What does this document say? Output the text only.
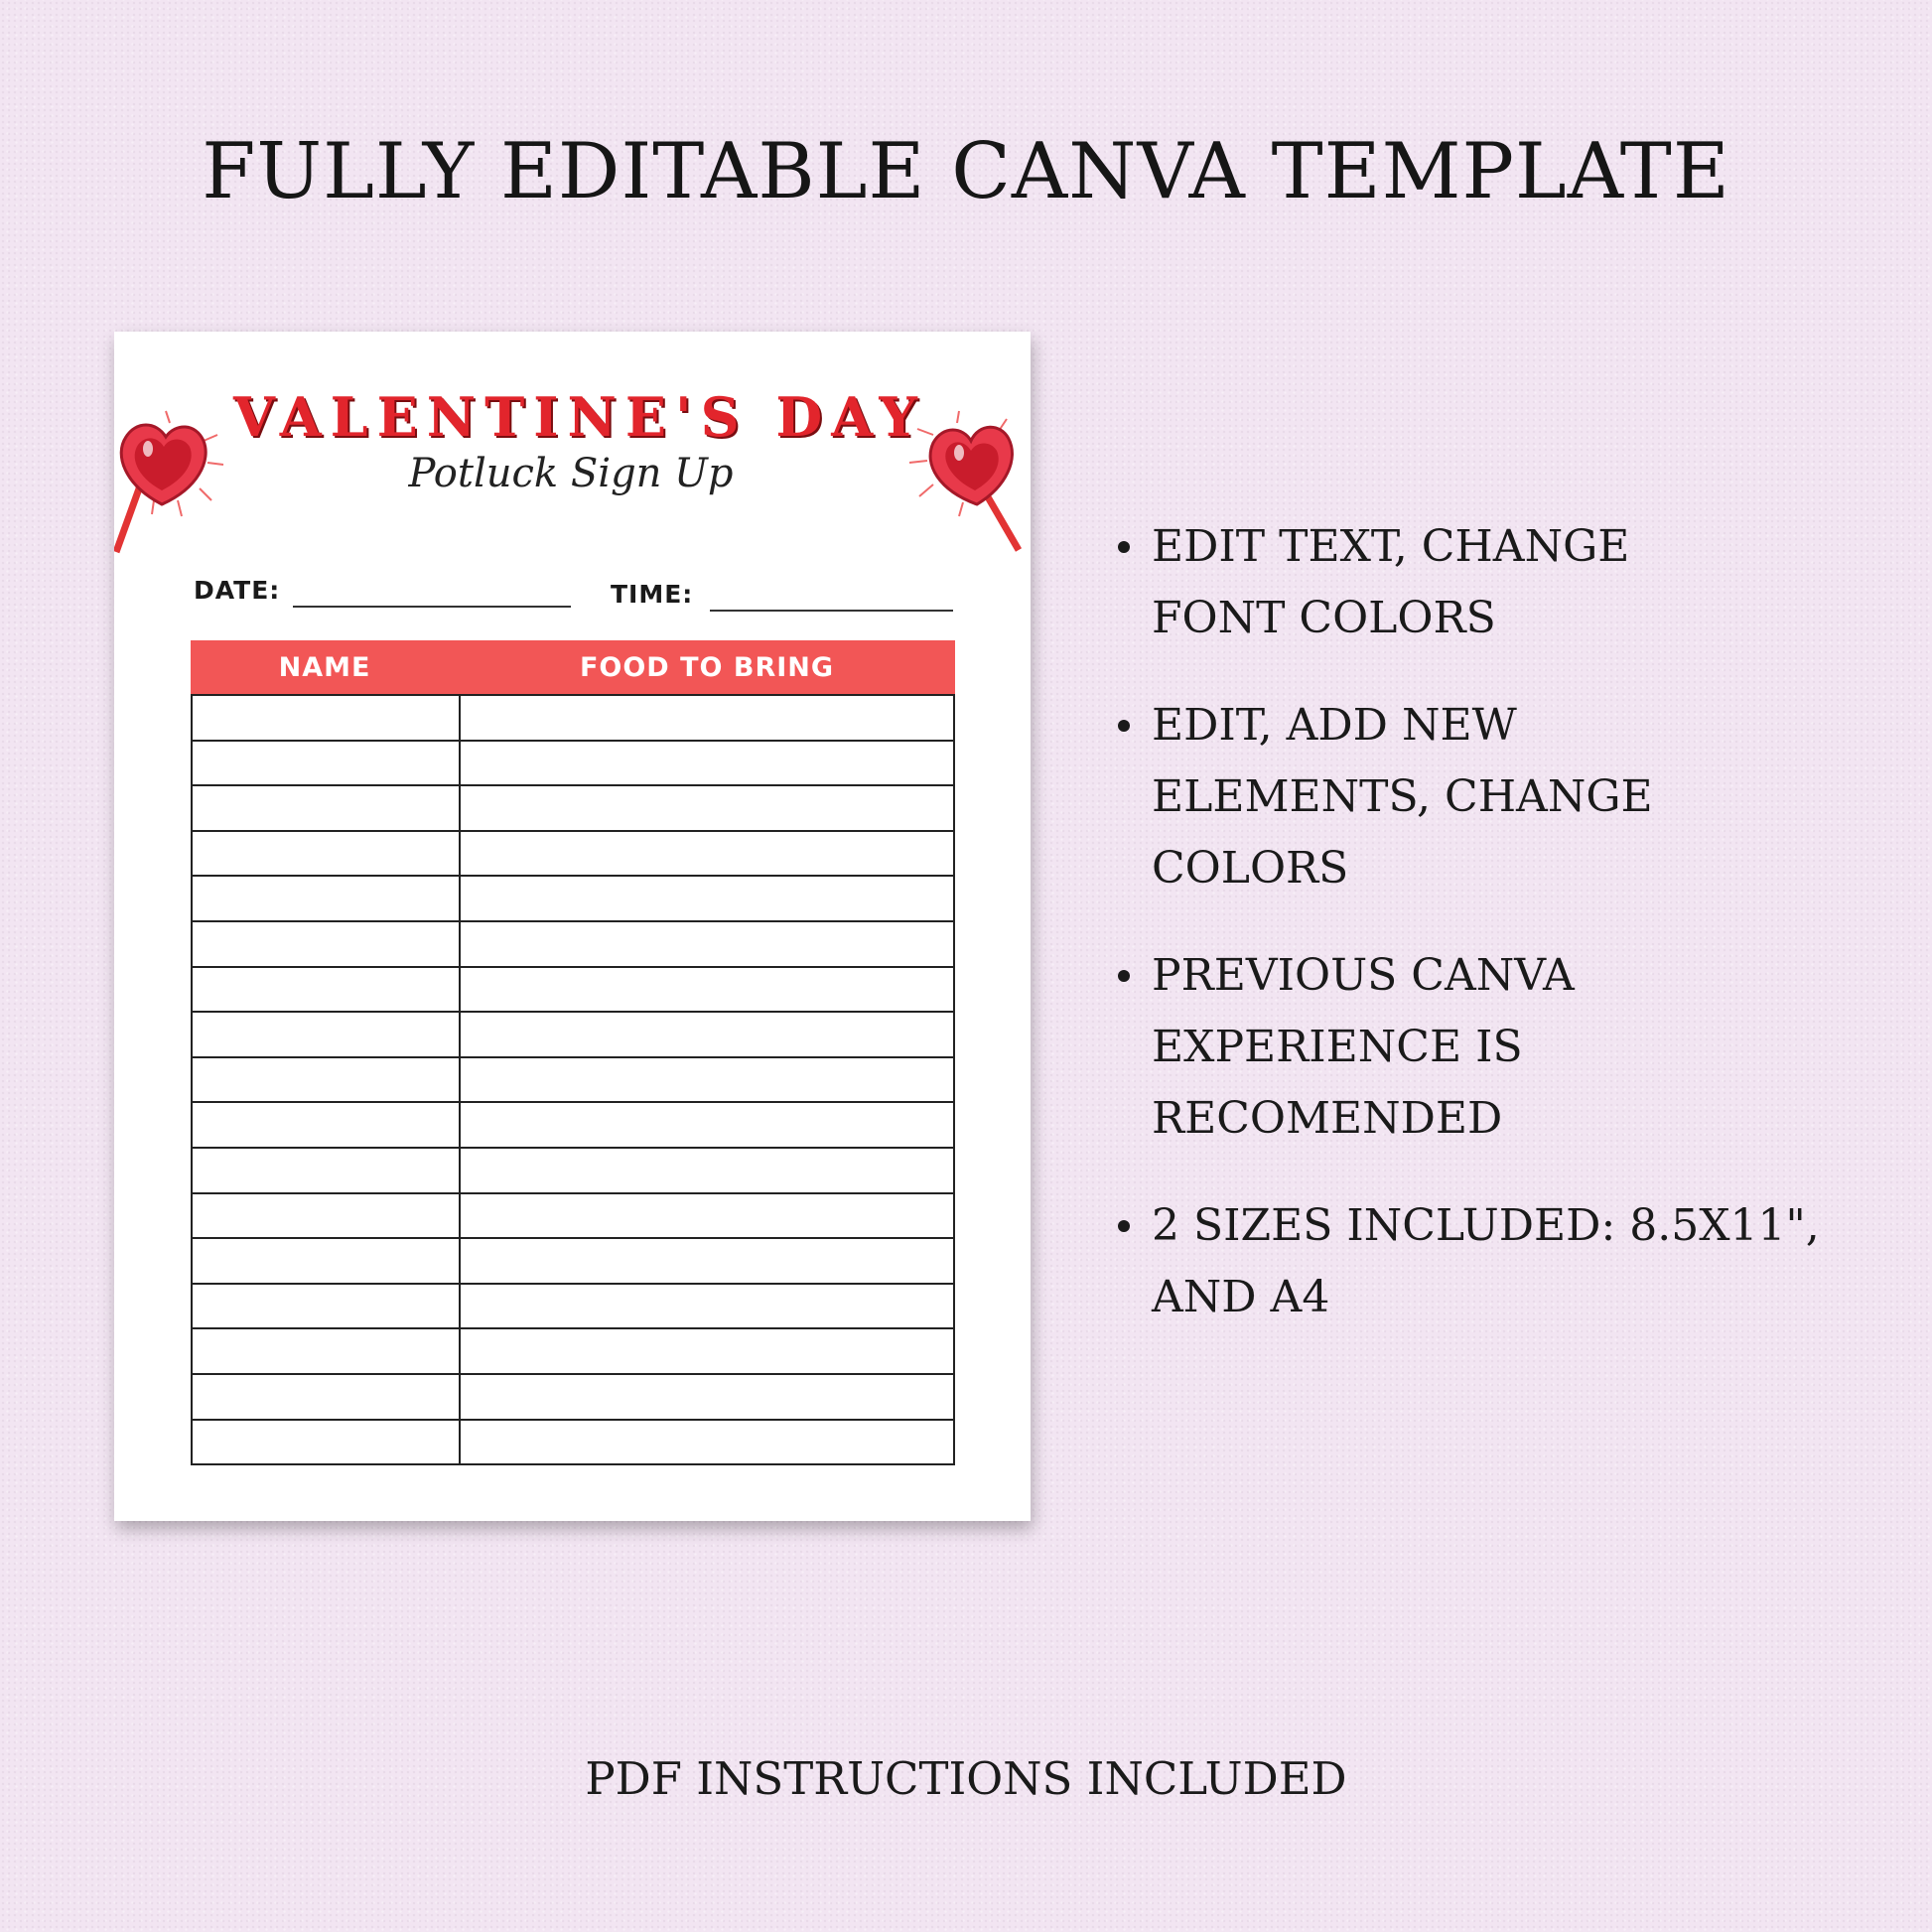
FULLY EDITABLE CANVA TEMPLATE
VALENTINE'S DAY
Potluck Sign Up
DATE:	TIME:
NAME	FOOD TO BRING
EDIT TEXT, CHANGE FONT COLORS
EDIT, ADD NEW ELEMENTS, CHANGE COLORS
PREVIOUS CANVA EXPERIENCE IS RECOMENDED
2 SIZES INCLUDED: 8.5X11", AND A4
PDF INSTRUCTIONS INCLUDED
